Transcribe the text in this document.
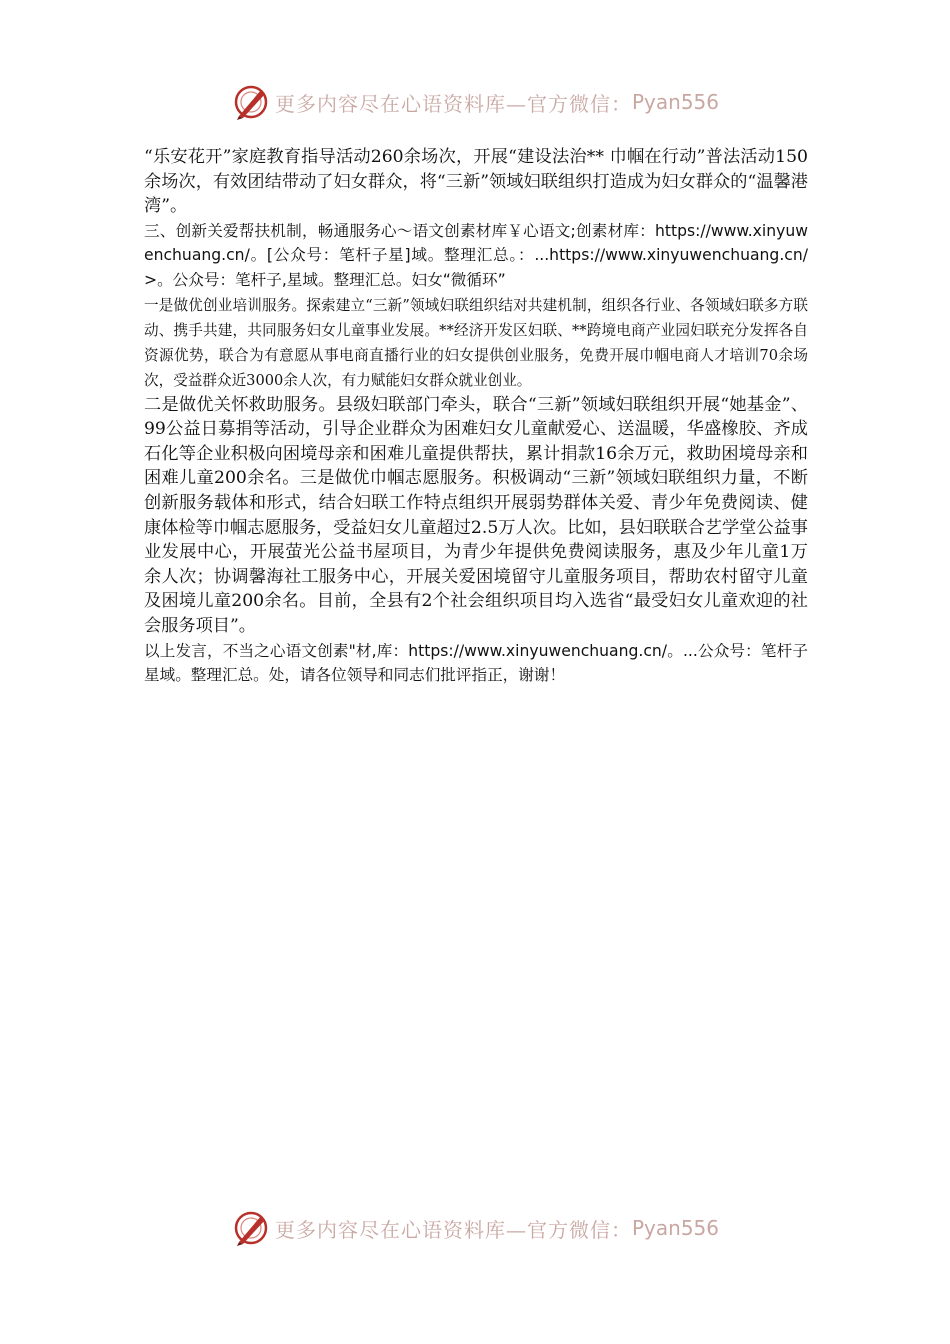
更多内容尽在心语资料库—官方微信： Pyan556

“乐安花开”家庭教育指导活动260余场次，开展“建设法治** 巾帼在行动”普法活动150余场次，有效团结带动了妇女群众，将“三新”领域妇联组织打造成为妇女群众的“温馨港湾”。

三、创新关爱帮扶机制，畅通服务心～语文创素材库￥心语文;创素材库：https://www.xinyuwenchuang.cn/。[公众号：笔杆子星]域。整理汇总。：...https://www.xinyuwenchuang.cn/>。公众号：笔杆子,星域。整理汇总。妇女“微循环”

一是做优创业培训服务。探索建立“三新”领域妇联组织结对共建机制，组织各行业、各领域妇联多方联动、携手共建，共同服务妇女儿童事业发展。**经济开发区妇联、**跨境电商产业园妇联充分发挥各自资源优势，联合为有意愿从事电商直播行业的妇女提供创业服务，免费开展巾帼电商人才培训70余场次，受益群众近3000余人次，有力赋能妇女群众就业创业。

二是做优关怀救助服务。县级妇联部门牵头，联合“三新”领域妇联组织开展“她基金”、99公益日募捐等活动，引导企业群众为困难妇女儿童献爱心、送温暖，华盛橡胶、齐成石化等企业积极向困境母亲和困难儿童提供帮扶，累计捐款16余万元，救助困境母亲和困难儿童200余名。三是做优巾帼志愿服务。积极调动“三新”领域妇联组织力量，不断创新服务载体和形式，结合妇联工作特点组织开展弱势群体关爱、青少年免费阅读、健康体检等巾帼志愿服务，受益妇女儿童超过2.5万人次。比如，县妇联联合艺学堂公益事业发展中心，开展萤光公益书屋项目，为青少年提供免费阅读服务，惠及少年儿童1万余人次；协调馨海社工服务中心，开展关爱困境留守儿童服务项目，帮助农村留守儿童及困境儿童200余名。目前，全县有2个社会组织项目均入选省“最受妇女儿童欢迎的社会服务项目”。

以上发言，不当之心语文创素"材,库：https://www.xinyuwenchuang.cn/。...公众号：笔杆子星域。整理汇总。处，请各位领导和同志们批评指正，谢谢！

更多内容尽在心语资料库—官方微信： Pyan556
